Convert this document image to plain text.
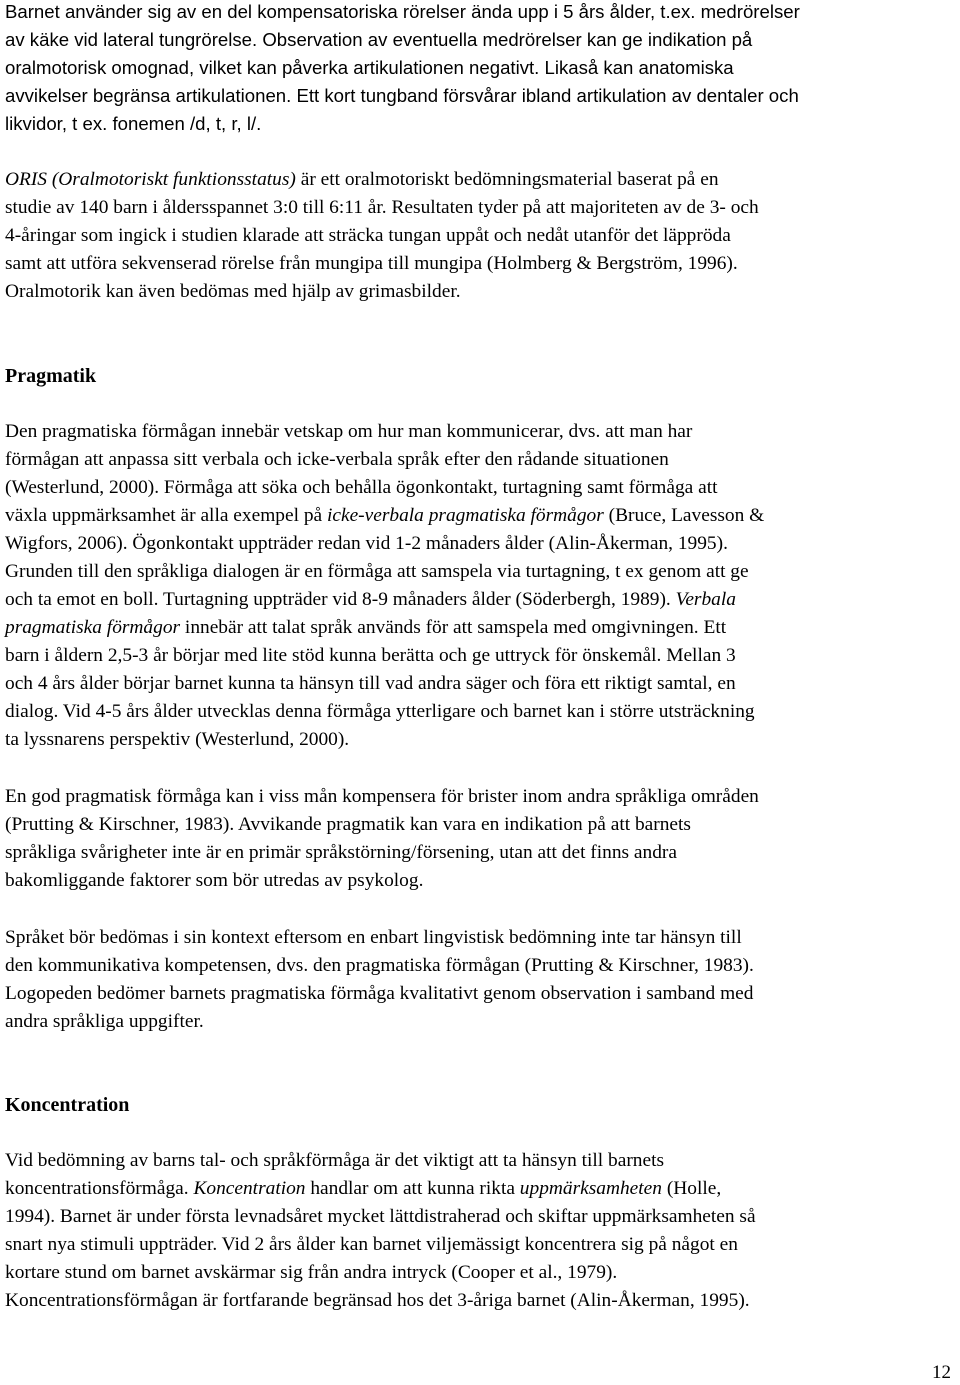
Barnet använder sig av en del kompensatoriska rörelser ända upp i 5 års ålder, t.ex. medrörelser
av käke vid lateral tungrörelse. Observation av eventuella medrörelser kan ge indikation på
oralmotorisk omognad, vilket kan påverka artikulationen negativt. Likaså kan anatomiska
avvikelser begränsa artikulationen. Ett kort tungband försvårar ibland artikulation av dentaler och
likvidor, t ex. fonemen /d, t, r, l/.

ORIS (Oralmotoriskt funktionsstatus) är ett oralmotoriskt bedömningsmaterial baserat på en
studie av 140 barn i åldersspannet 3:0 till 6:11 år. Resultaten tyder på att majoriteten av de 3- och
4-åringar som ingick i studien klarade att sträcka tungan uppåt och nedåt utanför det läppröda
samt att utföra sekvenserad rörelse från mungipa till mungipa (Holmberg & Bergström, 1996).
Oralmotorik kan även bedömas med hjälp av grimasbilder.

Pragmatik

Den pragmatiska förmågan innebär vetskap om hur man kommunicerar, dvs. att man har
förmågan att anpassa sitt verbala och icke-verbala språk efter den rådande situationen
(Westerlund, 2000). Förmåga att söka och behålla ögonkontakt, turtagning samt förmåga att
växla uppmärksamhet är alla exempel på icke-verbala pragmatiska förmågor (Bruce, Lavesson &
Wigfors, 2006). Ögonkontakt uppträder redan vid 1-2 månaders ålder (Alin-Åkerman, 1995).
Grunden till den språkliga dialogen är en förmåga att samspela via turtagning, t ex genom att ge
och ta emot en boll. Turtagning uppträder vid 8-9 månaders ålder (Söderbergh, 1989). Verbala
pragmatiska förmågor innebär att talat språk används för att samspela med omgivningen. Ett
barn i åldern 2,5-3 år börjar med lite stöd kunna berätta och ge uttryck för önskemål. Mellan 3
och 4 års ålder börjar barnet kunna ta hänsyn till vad andra säger och föra ett riktigt samtal, en
dialog. Vid 4-5 års ålder utvecklas denna förmåga ytterligare och barnet kan i större utsträckning
ta lyssnarens perspektiv (Westerlund, 2000).

En god pragmatisk förmåga kan i viss mån kompensera för brister inom andra språkliga områden
(Prutting & Kirschner, 1983). Avvikande pragmatik kan vara en indikation på att barnets
språkliga svårigheter inte är en primär språkstörning/försening, utan att det finns andra
bakomliggande faktorer som bör utredas av psykolog.

Språket bör bedömas i sin kontext eftersom en enbart lingvistisk bedömning inte tar hänsyn till
den kommunikativa kompetensen, dvs. den pragmatiska förmågan (Prutting & Kirschner, 1983).
Logopeden bedömer barnets pragmatiska förmåga kvalitativt genom observation i samband med
andra språkliga uppgifter.

Koncentration

Vid bedömning av barns tal- och språkförmåga är det viktigt att ta hänsyn till barnets
koncentrationsförmåga. Koncentration handlar om att kunna rikta uppmärksamheten (Holle,
1994). Barnet är under första levnadsåret mycket lättdistraherad och skiftar uppmärksamheten så
snart nya stimuli uppträder. Vid 2 års ålder kan barnet viljemässigt koncentrera sig på något en
kortare stund om barnet avskärmar sig från andra intryck (Cooper et al., 1979).
Koncentrationsförmågan är fortfarande begränsad hos det 3-åriga barnet (Alin-Åkerman, 1995).

12
